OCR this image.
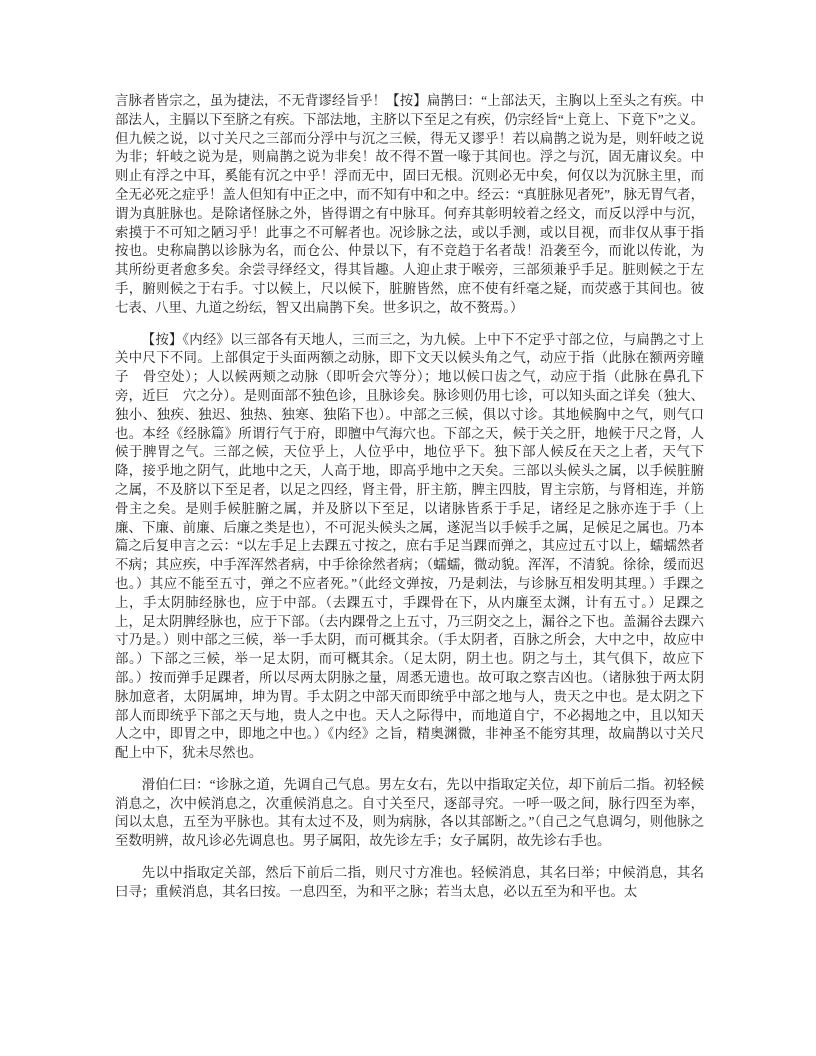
言脉者皆宗之，虽为捷法，不无背谬经旨乎！【按】扁鹊曰：“上部法天，主胸以上至头之有疾。中部法人，主膈以下至脐之有疾。下部法地，主脐以下至足之有疾，仍宗经旨“上竟上、下竟下”之义。但九候之说，以寸关尺之三部而分浮中与沉之三候，得无又谬乎！若以扁鹊之说为是，则轩岐之说为非；轩岐之说为是，则扁鹊之说为非矣！故不得不置一喙于其间也。浮之与沉，固无庸议矣。中则止有浮之中耳，奚能有沉之中乎！浮而无中，固曰无根。沉则必无中矣，何仅以为沉脉主里，而全无必死之症乎！盖人但知有中正之中，而不知有中和之中。经云：“真脏脉见者死”，脉无胃气者，谓为真脏脉也。是除诸怪脉之外，皆得谓之有中脉耳。何弃其彰明较着之经文，而反以浮中与沉，索摸于不可知之陋习乎！此事之不可解者也。况诊脉之法，或以手测，或以目视，而非仅从事于指按也。史称扁鹊以诊脉为名，而仓公、仲景以下，有不竞趋于名者哉！沿袭至今，而讹以传讹，为其所纷更者愈多矣。余尝寻绎经文，得其旨趣。人迎止隶于喉旁，三部须兼乎手足。脏则候之于左手，腑则候之于右手。寸以候上，尺以候下，脏腑皆然，庶不使有纤毫之疑，而荧惑于其间也。彼七表、八里、九道之纷纭，智又出扁鹊下矣。世多识之，故不赘焉。）

【按】《内经》以三部各有天地人，三而三之，为九候。上中下不定乎寸部之位，与扁鹊之寸上关中尺下不同。上部俱定于头面两额之动脉，即下文天以候头角之气，动应于指（此脉在额两旁瞳子　骨空处）；人以候两颊之动脉（即听会穴等分）；地以候口齿之气，动应于指（此脉在鼻孔下旁，近巨　穴之分）。是则面部不独色诊，且脉诊矣。脉诊则仍用七诊，可以知头面之详矣（独大、独小、独疾、独迟、独热、独寒、独陷下也）。中部之三候，俱以寸诊。其地候胸中之气，则气口也。本经《经脉篇》所谓行气于府，即膻中气海穴也。下部之天，候于关之肝，地候于尺之肾，人候于脾胃之气。三部之候，天位乎上，人位乎中，地位乎下。独下部人候反在天之上者，天气下降，接乎地之阴气，此地中之天，人高于地，即高乎地中之天矣。三部以头候头之属，以手候脏腑之属，不及脐以下至足者，以足之四经，肾主骨，肝主筋，脾主四肢，胃主宗筋，与肾相连，并筋骨主之矣。是则手候脏腑之属，并及脐以下至足，以诸脉皆系于手足，诸经足之脉亦连于手（上廉、下廉、前廉、后廉之类是也），不可泥头候头之属，遂泥当以手候手之属，足候足之属也。乃本篇之后复申言之云：“以左手足上去踝五寸按之，庶右手足当踝而弹之，其应过五寸以上，蠕蠕然者不病；其应疾，中手浑浑然者病，中手徐徐然者病；（蠕蠕，微动貌。浑浑，不清貌。徐徐，缓而迟也。）其应不能至五寸，弹之不应者死。”（此经文弹按，乃是刺法，与诊脉互相发明其理。）手踝之上，手太阴肺经脉也，应于中部。（去踝五寸，手踝骨在下，从内廉至太渊，计有五寸。）足踝之上，足太阴脾经脉也，应于下部。（去内踝骨之上五寸，乃三阴交之上，漏谷之下也。盖漏谷去踝六寸乃是。）则中部之三候，举一手太阴，而可概其余。（手太阴者，百脉之所会，大中之中，故应中部。）下部之三候，举一足太阴，而可概其余。（足太阴，阴土也。阴之与土，其气俱下，故应下部。）按而弹手足踝者，所以尽两太阴脉之量，周悉无遗也。故可取之察吉凶也。（诸脉独于两太阴脉加意者，太阴属坤，坤为胃。手太阴之中部天而即统乎中部之地与人，贵天之中也。是太阴之下部人而即统乎下部之天与地，贵人之中也。天人之际得中，而地道自宁，不必揭地之中，且以知天人之中，即胃之中，即地之中也。）《内经》之旨，精奥渊微，非神圣不能穷其理，故扁鹊以寸关尺配上中下，犹未尽然也。

滑伯仁曰：“诊脉之道，先调自己气息。男左女右，先以中指取定关位，却下前后二指。初轻候消息之，次中候消息之，次重候消息之。自寸关至尺，逐部寻究。一呼一吸之间，脉行四至为率，闰以太息，五至为平脉也。其有太过不及，则为病脉，各以其部断之。”（自己之气息调匀，则他脉之至数明辨，故凡诊必先调息也。男子属阳，故先诊左手；女子属阴，故先诊右手也。

先以中指取定关部，然后下前后二指，则尺寸方准也。轻候消息，其名曰举；中候消息，其名曰寻；重候消息，其名曰按。一息四至，为和平之脉；若当太息，必以五至为和平也。太
